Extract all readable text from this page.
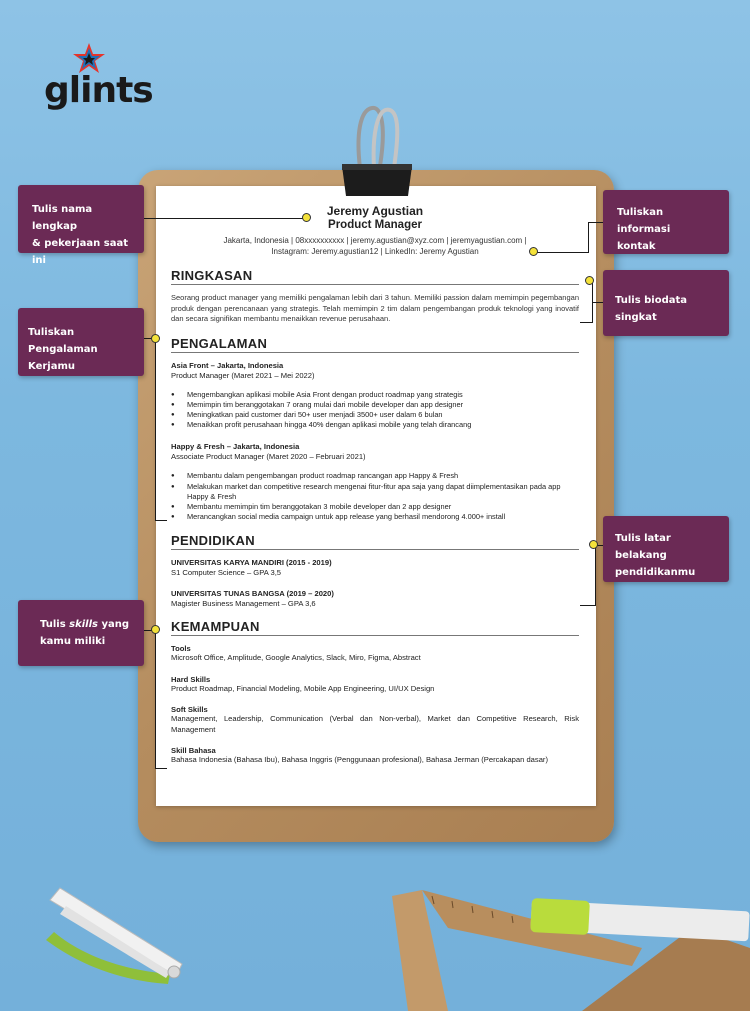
glints
Jeremy Agustian
Product Manager
Jakarta, Indonesia | 08xxxxxxxxxx | jeremy.agustian@xyz.com | jeremyagustian.com |
Instagram: Jeremy.agustian12 | LinkedIn: Jeremy Agustian
RINGKASAN
Seorang product manager yang memiliki pengalaman lebih dari 3 tahun. Memiliki passion dalam memimpin pegembangan produk dengan perencanaan yang strategis. Telah memimpin 2 tim dalam pengembangan produk teknologi yang inovatif dan secara signifikan membantu menaikkan revenue perusahaan.
PENGALAMAN
Asia Front – Jakarta, Indonesia
Product Manager (Maret 2021 – Mei 2022)
● Mengembangkan aplikasi mobile Asia Front dengan product roadmap yang strategis
● Memimpin tim beranggotakan 7 orang mulai dari mobile developer dan app designer
● Meningkatkan paid customer dari 50+ user menjadi 3500+ user dalam 6 bulan
● Menaikkan profit perusahaan hingga 40% dengan aplikasi mobile yang telah dirancang
Happy & Fresh – Jakarta, Indonesia
Associate Product Manager (Maret 2020 – Februari 2021)
● Membantu dalam pengembangan product roadmap rancangan app Happy & Fresh
● Melakukan market dan competitive research mengenai fitur-fitur apa saja yang dapat diimplementasikan pada app Happy & Fresh
● Membantu memimpin tim beranggotakan 3 mobile developer dan 2 app designer
● Merancangkan social media campaign untuk app release yang berhasil mendorong 4.000+ install
PENDIDIKAN
UNIVERSITAS KARYA MANDIRI (2015 - 2019)
S1 Computer Science – GPA 3,5
UNIVERSITAS TUNAS BANGSA (2019 – 2020)
Magister Business Management – GPA 3,6
KEMAMPUAN
Tools
Microsoft Office, Amplitude, Google Analytics, Slack, Miro, Figma, Abstract
Hard Skills
Product Roadmap, Financial Modeling, Mobile App Engineering, UI/UX Design
Soft Skills
Management, Leadership, Communication (Verbal dan Non-verbal), Market dan Competitive Research, Risk Management
Skill Bahasa
Bahasa Indonesia (Bahasa Ibu), Bahasa Inggris (Penggunaan profesional), Bahasa Jerman (Percakapan dasar)
Tulis nama lengkap
& pekerjaan saat ini
Tuliskan Pengalaman
Kerjamu
Tulis skills yang
kamu miliki
Tuliskan informasi
kontak
Tulis biodata singkat
Tulis latar belakang
pendidikanmu
